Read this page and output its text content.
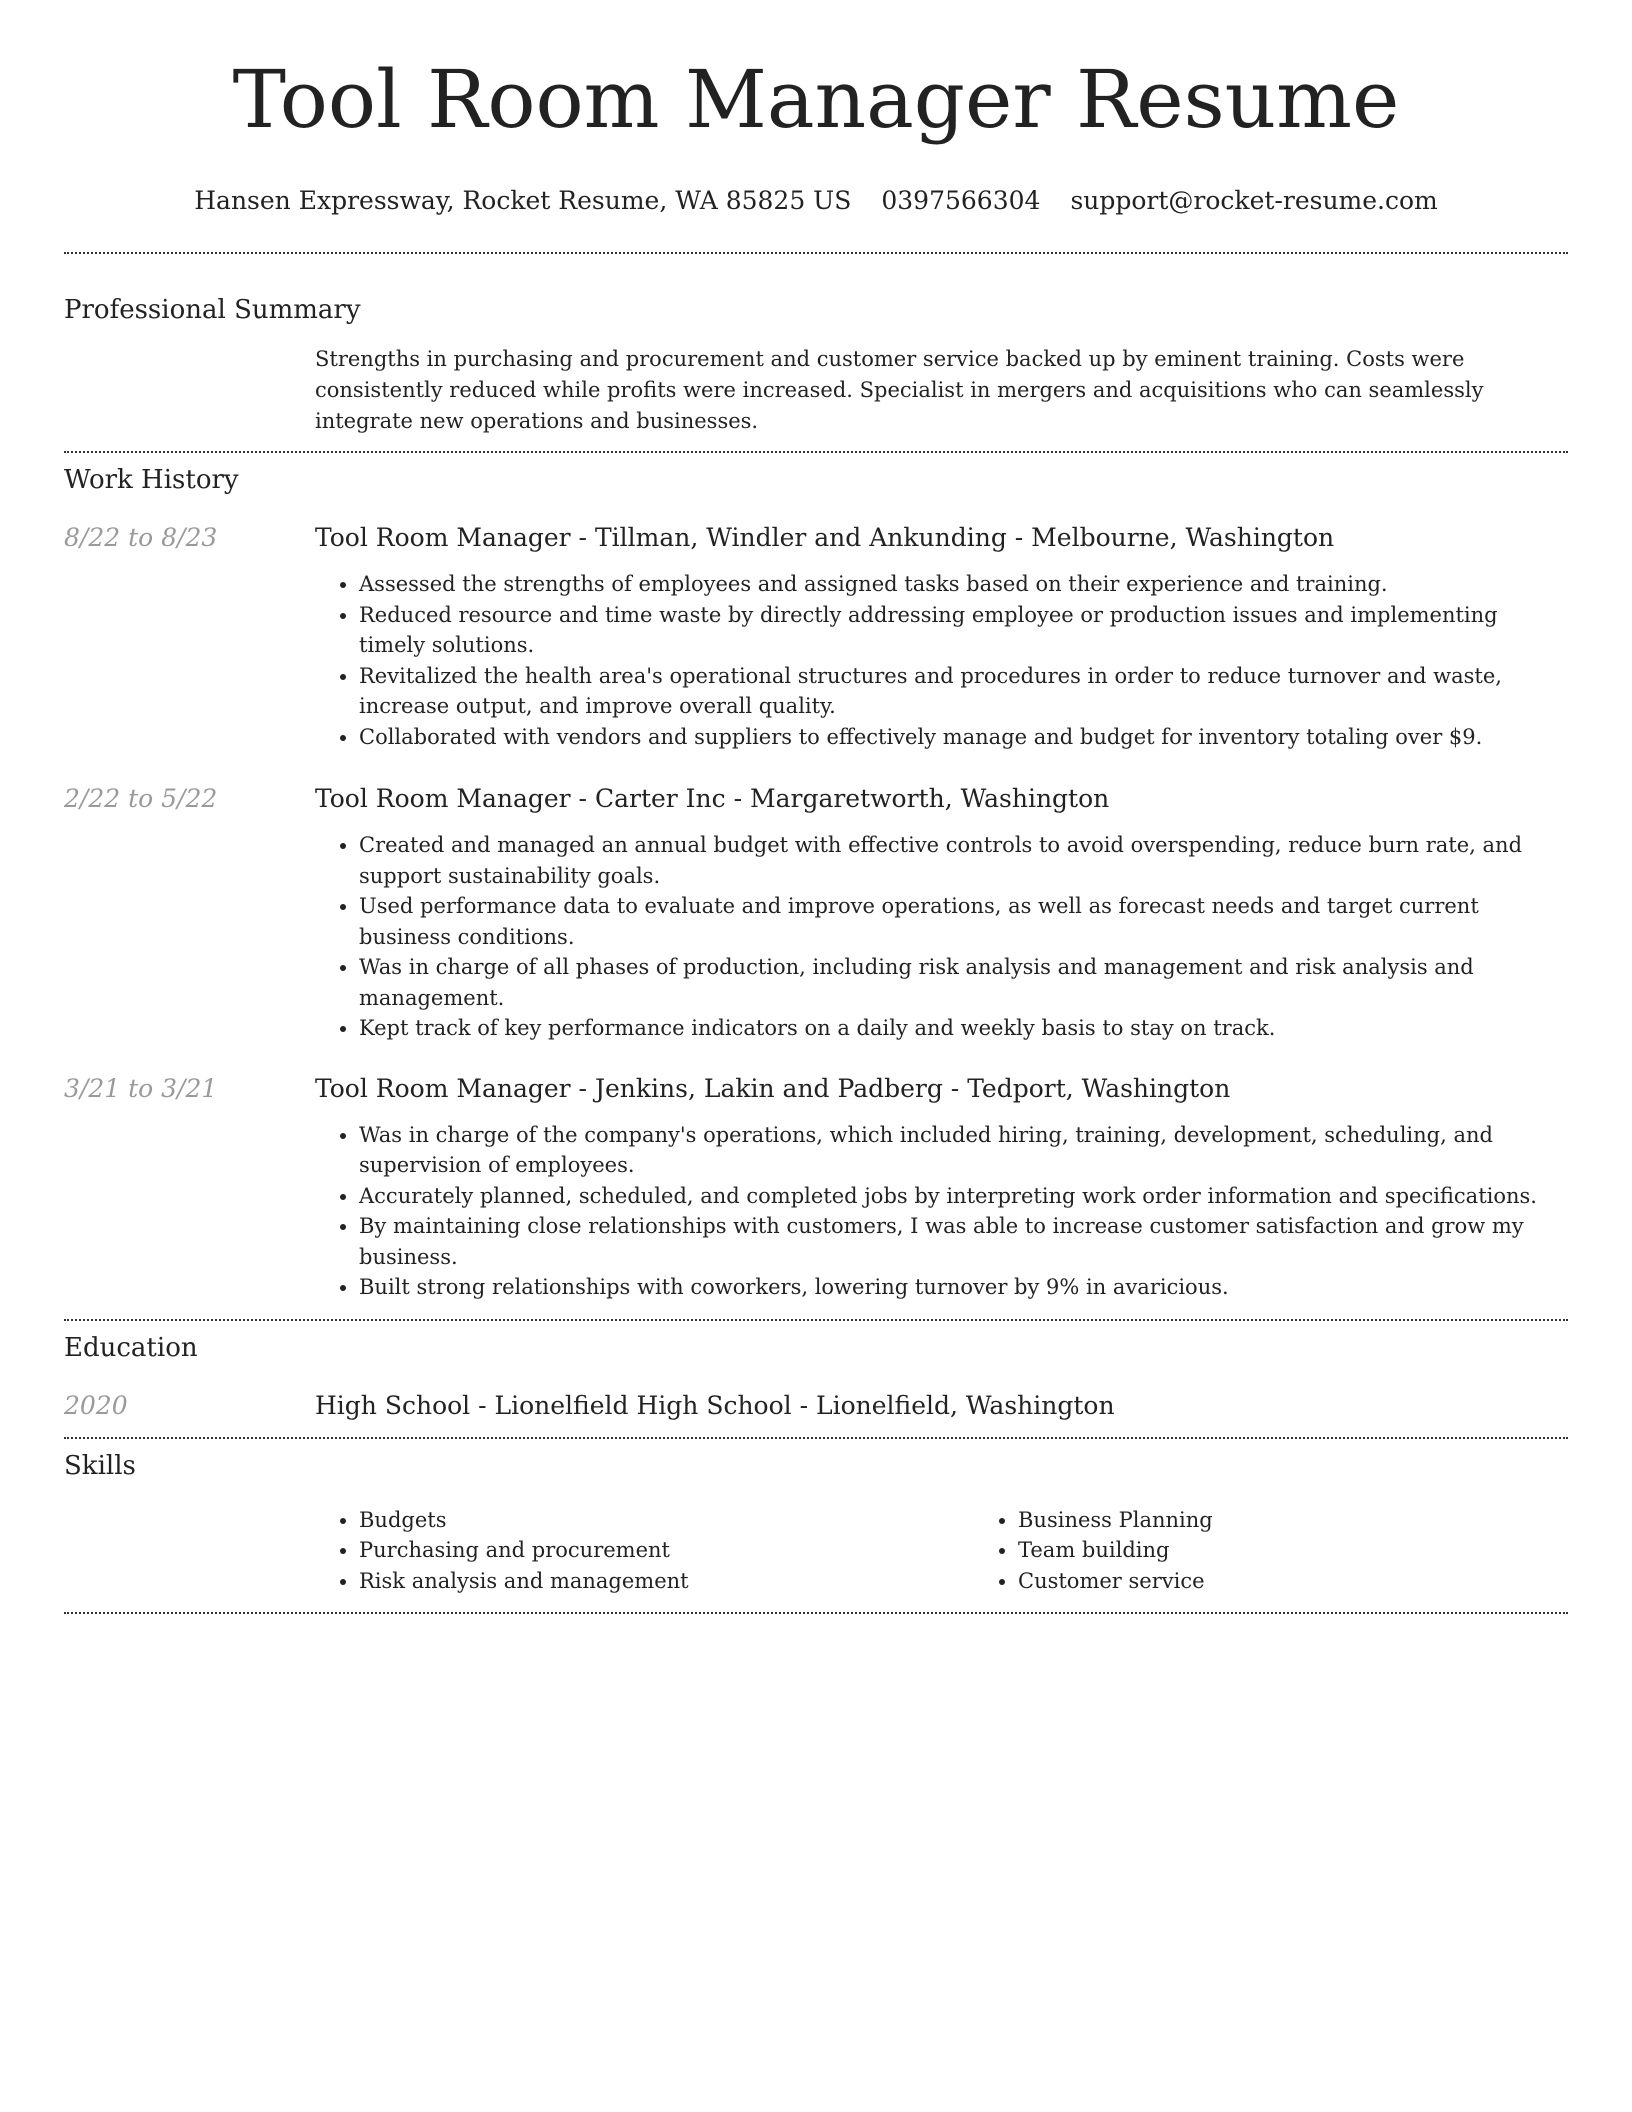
Tool Room Manager Resume
Hansen Expressway, Rocket Resume, WA 85825 US 0397566304 support@rocket-resume.com
Professional Summary
Strengths in purchasing and procurement and customer service backed up by eminent training. Costs were consistently reduced while profits were increased. Specialist in mergers and acquisitions who can seamlessly integrate new operations and businesses.
Work History
8/22 to 8/23	Tool Room Manager - Tillman, Windler and Ankunding - Melbourne, Washington
• Assessed the strengths of employees and assigned tasks based on their experience and training.
• Reduced resource and time waste by directly addressing employee or production issues and implementing timely solutions.
• Revitalized the health area's operational structures and procedures in order to reduce turnover and waste, increase output, and improve overall quality.
• Collaborated with vendors and suppliers to effectively manage and budget for inventory totaling over $9.
2/22 to 5/22	Tool Room Manager - Carter Inc - Margaretworth, Washington
• Created and managed an annual budget with effective controls to avoid overspending, reduce burn rate, and support sustainability goals.
• Used performance data to evaluate and improve operations, as well as forecast needs and target current business conditions.
• Was in charge of all phases of production, including risk analysis and management and risk analysis and management.
• Kept track of key performance indicators on a daily and weekly basis to stay on track.
3/21 to 3/21	Tool Room Manager - Jenkins, Lakin and Padberg - Tedport, Washington
• Was in charge of the company's operations, which included hiring, training, development, scheduling, and supervision of employees.
• Accurately planned, scheduled, and completed jobs by interpreting work order information and specifications.
• By maintaining close relationships with customers, I was able to increase customer satisfaction and grow my business.
• Built strong relationships with coworkers, lowering turnover by 9% in avaricious.
Education
2020	High School - Lionelfield High School - Lionelfield, Washington
Skills
• Budgets
• Purchasing and procurement
• Risk analysis and management
• Business Planning
• Team building
• Customer service
